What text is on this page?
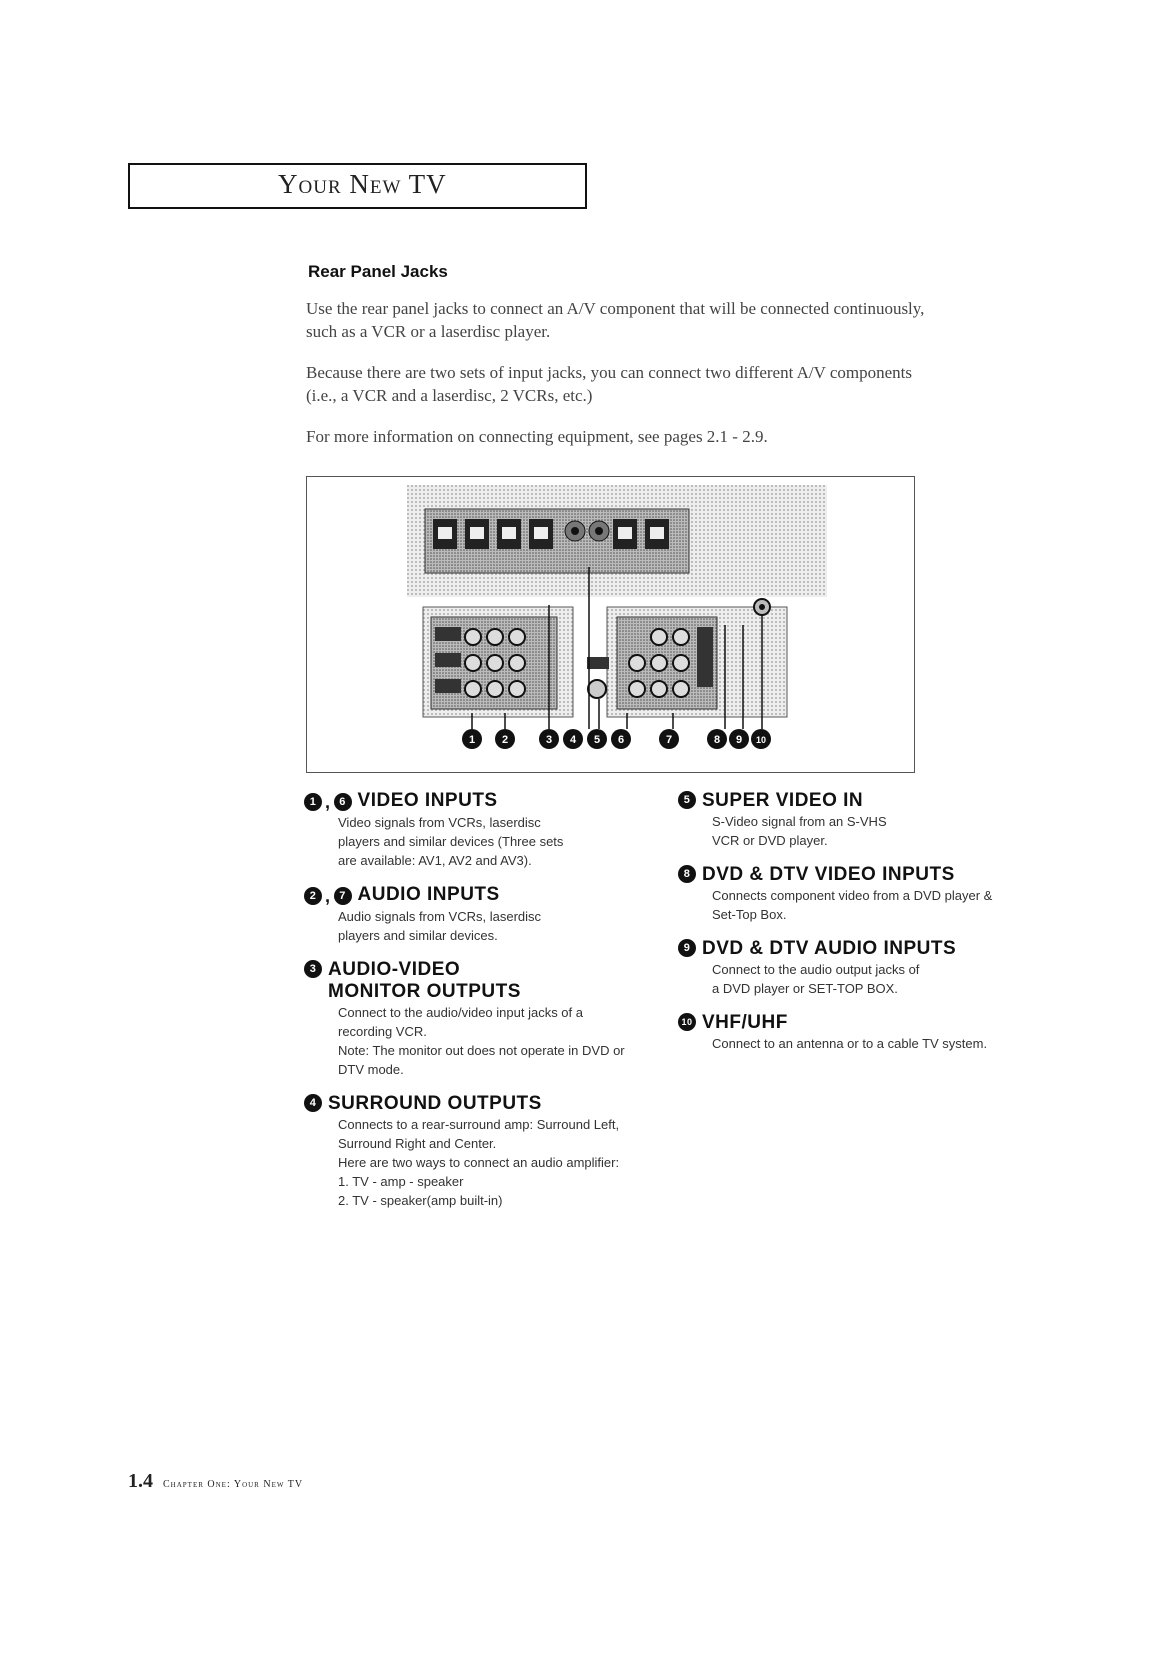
Your New TV
Rear Panel Jacks
Use the rear panel jacks to connect an A/V component that will be connected continuously, such as a VCR or a laserdisc player.
Because there are two sets of input jacks, you can connect two different A/V components (i.e., a VCR and a laserdisc, 2 VCRs, etc.)
For more information on connecting equipment, see pages 2.1 - 2.9.
1 2	3 4 5 6	7	8 9 10
1 , 6 VIDEO INPUTS
Video signals from VCRs, laserdisc
players and similar devices (Three sets
are available: AV1, AV2 and AV3).
2 , 7 AUDIO INPUTS
Audio signals from VCRs, laserdisc
players and similar devices.
3 AUDIO-VIDEO
MONITOR OUTPUTS
Connect to the audio/video input jacks of a
recording VCR.
Note: The monitor out does not operate in DVD or
DTV mode.
4 SURROUND OUTPUTS
Connects to a rear-surround amp: Surround Left,
Surround Right and Center.
Here are two ways to connect an audio amplifier:
1. TV - amp - speaker
2. TV - speaker(amp built-in)
5 SUPER VIDEO IN
S-Video signal from an S-VHS
VCR or DVD player.
8 DVD & DTV VIDEO INPUTS
Connects component video from a DVD player &
Set-Top Box.
9 DVD & DTV AUDIO INPUTS
Connect to the audio output jacks of
a DVD player or SET-TOP BOX.
10 VHF/UHF
Connect to an antenna or to a cable TV system.
1.4 Chapter One: Your New TV
